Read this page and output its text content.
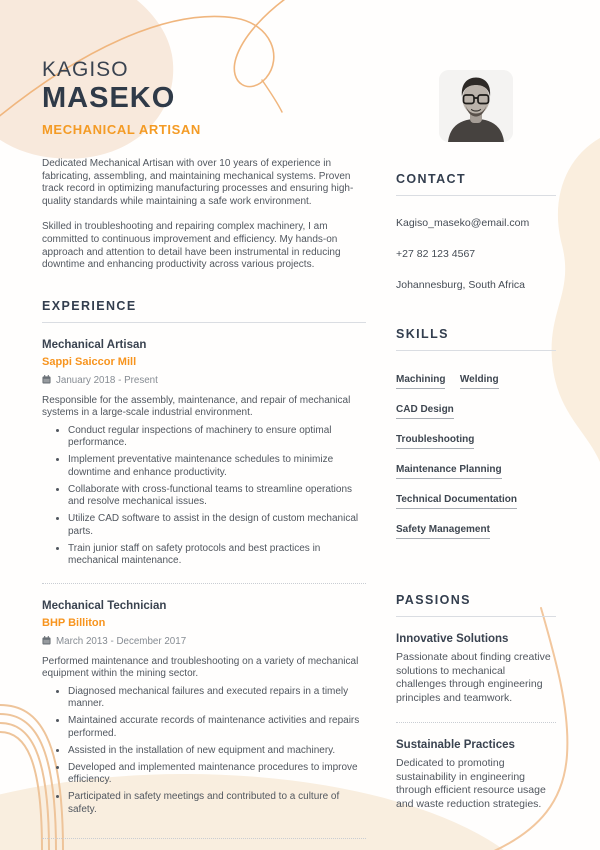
KAGISO
MASEKO
MECHANICAL ARTISAN

Dedicated Mechanical Artisan with over 10 years of experience in fabricating, assembling, and maintaining mechanical systems. Proven track record in optimizing manufacturing processes and ensuring high-quality standards while maintaining a safe work environment.

Skilled in troubleshooting and repairing complex machinery, I am committed to continuous improvement and efficiency. My hands-on approach and attention to detail have been instrumental in reducing downtime and enhancing productivity across various projects.

EXPERIENCE
Mechanical Artisan
Sappi Saiccor Mill
January 2018 - Present

Responsible for the assembly, maintenance, and repair of mechanical systems in a large-scale industrial environment.

• Conduct regular inspections of machinery to ensure optimal performance.
• Implement preventative maintenance schedules to minimize downtime and enhance productivity.
• Collaborate with cross-functional teams to streamline operations and resolve mechanical issues.
• Utilize CAD software to assist in the design of custom mechanical parts.
• Train junior staff on safety protocols and best practices in mechanical maintenance.
Mechanical Technician
BHP Billiton
March 2013 - December 2017

Performed maintenance and troubleshooting on a variety of mechanical equipment within the mining sector.

• Diagnosed mechanical failures and executed repairs in a timely manner.
• Maintained accurate records of maintenance activities and repairs performed.
• Assisted in the installation of new equipment and machinery.
• Developed and implemented maintenance procedures to improve efficiency.
• Participated in safety meetings and contributed to a culture of safety.
CONTACT
Kagiso_maseko@email.com
+27 82 123 4567
Johannesburg, South Africa
SKILLS
Machining Welding CAD Design Troubleshooting Maintenance Planning Technical Documentation Safety Management
PASSIONS
Innovative Solutions

Passionate about finding creative solutions to mechanical challenges through engineering principles and teamwork.

Sustainable Practices

Dedicated to promoting sustainability in engineering through efficient resource usage and waste reduction strategies.
